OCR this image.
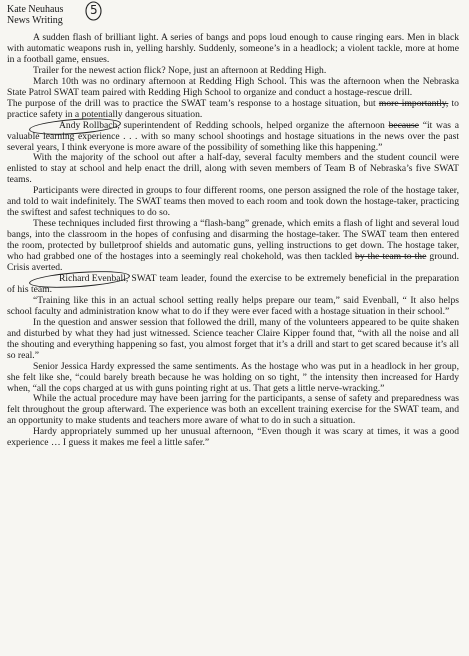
Kate Neuhaus
News Writing
5

A sudden flash of brilliant light. A series of bangs and pops loud enough to cause ringing ears. Men in black with automatic weapons rush in, yelling harshly. Suddenly, someone’s in a headlock; a violent tackle, more at home in a football game, ensues.

Trailer for the newest action flick? Nope, just an afternoon at Redding High.

March 10th was no ordinary afternoon at Redding High School. This was the afternoon when the Nebraska State Patrol SWAT team paired with Redding High School to organize and conduct a hostage-rescue drill.

The purpose of the drill was to practice the SWAT team’s response to a hostage situation, but more importantly, to practice safety in a potentially dangerous situation.

Andy Rollbach, superintendent of Redding schools, helped organize the afternoon because “it was a valuable learning experience . . . with so many school shootings and hostage situations in the news over the past several years, I think everyone is more aware of the possibility of something like this happening.”

With the majority of the school out after a half-day, several faculty members and the student council were enlisted to stay at school and help enact the drill, along with seven members of Team B of Nebraska’s five SWAT teams.

Participants were directed in groups to four different rooms, one person assigned the role of the hostage taker, and told to wait indefinitely. The SWAT teams then moved to each room and took down the hostage-taker, practicing the swiftest and safest techniques to do so.

These techniques included first throwing a “flash-bang” grenade, which emits a flash of light and several loud bangs, into the classroom in the hopes of confusing and disarming the hostage-taker. The SWAT team then entered the room, protected by bulletproof shields and automatic guns, yelling instructions to get down. The hostage taker, who had grabbed one of the hostages into a seemingly real chokehold, was then tackled by the team to the ground. Crisis averted.

Richard Evenball, SWAT team leader, found the exercise to be extremely beneficial in the preparation of his team.

“Training like this in an actual school setting really helps prepare our team,” said Evenball, “ It also helps school faculty and administration know what to do if they were ever faced with a hostage situation in their school.”

In the question and answer session that followed the drill, many of the volunteers appeared to be quite shaken and disturbed by what they had just witnessed. Science teacher Claire Kipper found that, “with all the noise and all the shouting and everything happening so fast, you almost forget that it’s a drill and start to get scared because it’s all so real.”

Senior Jessica Hardy expressed the same sentiments. As the hostage who was put in a headlock in her group, she felt like she, “could barely breath because he was holding on so tight, ” the intensity then increased for Hardy when, “all the cops charged at us with guns pointing right at us. That gets a little nerve-wracking.”

While the actual procedure may have been jarring for the participants, a sense of safety and preparedness was felt throughout the group afterward. The experience was both an excellent training exercise for the SWAT team, and an opportunity to make students and teachers more aware of what to do in such a situation.

Hardy appropriately summed up her unusual afternoon, “Even though it was scary at times, it was a good experience … I guess it makes me feel a little safer.”
